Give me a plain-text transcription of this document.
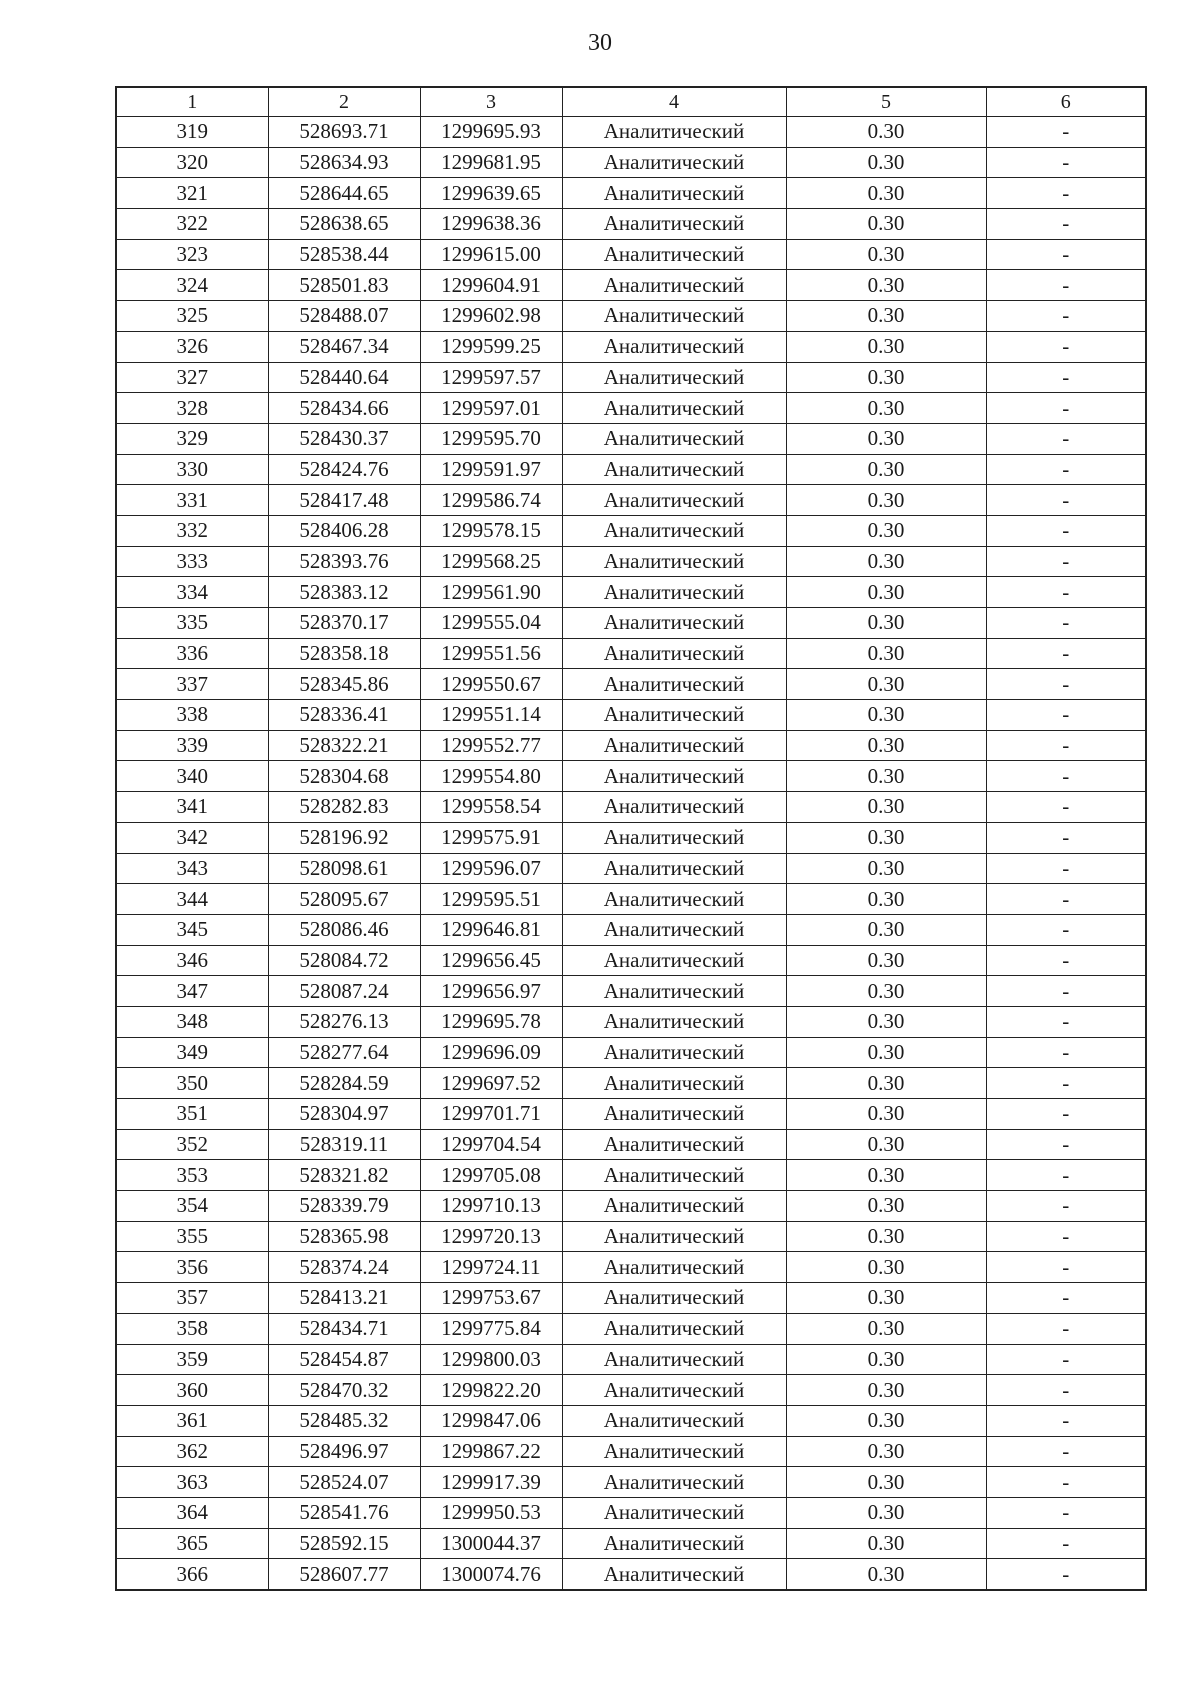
30
1	2	3	4	5	6
319	528693.71	1299695.93	Аналитический	0.30	-
320	528634.93	1299681.95	Аналитический	0.30	-
321	528644.65	1299639.65	Аналитический	0.30	-
322	528638.65	1299638.36	Аналитический	0.30	-
323	528538.44	1299615.00	Аналитический	0.30	-
324	528501.83	1299604.91	Аналитический	0.30	-
325	528488.07	1299602.98	Аналитический	0.30	-
326	528467.34	1299599.25	Аналитический	0.30	-
327	528440.64	1299597.57	Аналитический	0.30	-
328	528434.66	1299597.01	Аналитический	0.30	-
329	528430.37	1299595.70	Аналитический	0.30	-
330	528424.76	1299591.97	Аналитический	0.30	-
331	528417.48	1299586.74	Аналитический	0.30	-
332	528406.28	1299578.15	Аналитический	0.30	-
333	528393.76	1299568.25	Аналитический	0.30	-
334	528383.12	1299561.90	Аналитический	0.30	-
335	528370.17	1299555.04	Аналитический	0.30	-
336	528358.18	1299551.56	Аналитический	0.30	-
337	528345.86	1299550.67	Аналитический	0.30	-
338	528336.41	1299551.14	Аналитический	0.30	-
339	528322.21	1299552.77	Аналитический	0.30	-
340	528304.68	1299554.80	Аналитический	0.30	-
341	528282.83	1299558.54	Аналитический	0.30	-
342	528196.92	1299575.91	Аналитический	0.30	-
343	528098.61	1299596.07	Аналитический	0.30	-
344	528095.67	1299595.51	Аналитический	0.30	-
345	528086.46	1299646.81	Аналитический	0.30	-
346	528084.72	1299656.45	Аналитический	0.30	-
347	528087.24	1299656.97	Аналитический	0.30	-
348	528276.13	1299695.78	Аналитический	0.30	-
349	528277.64	1299696.09	Аналитический	0.30	-
350	528284.59	1299697.52	Аналитический	0.30	-
351	528304.97	1299701.71	Аналитический	0.30	-
352	528319.11	1299704.54	Аналитический	0.30	-
353	528321.82	1299705.08	Аналитический	0.30	-
354	528339.79	1299710.13	Аналитический	0.30	-
355	528365.98	1299720.13	Аналитический	0.30	-
356	528374.24	1299724.11	Аналитический	0.30	-
357	528413.21	1299753.67	Аналитический	0.30	-
358	528434.71	1299775.84	Аналитический	0.30	-
359	528454.87	1299800.03	Аналитический	0.30	-
360	528470.32	1299822.20	Аналитический	0.30	-
361	528485.32	1299847.06	Аналитический	0.30	-
362	528496.97	1299867.22	Аналитический	0.30	-
363	528524.07	1299917.39	Аналитический	0.30	-
364	528541.76	1299950.53	Аналитический	0.30	-
365	528592.15	1300044.37	Аналитический	0.30	-
366	528607.77	1300074.76	Аналитический	0.30	-
